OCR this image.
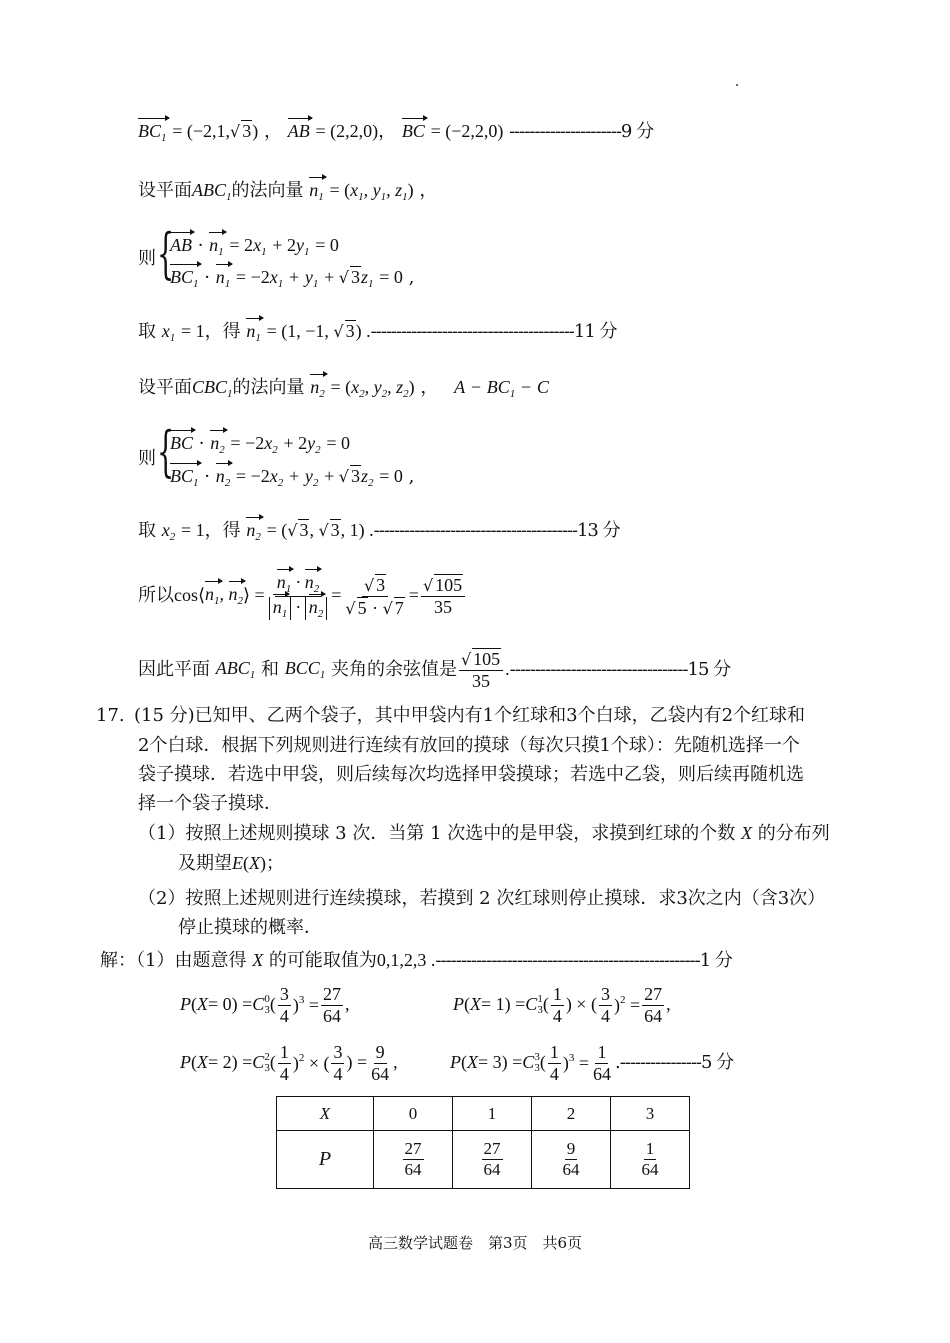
$BC_1 = (-2,1,√$ 3) ， AB = (2,2,0)， BC = (−2,2,0) ----------------------9 分
设平面$ABC_1$的法向量 $n_1 = (x_1$, $y_1$, $z_1$) ，
则 {
AB · $n_1 = 2x_1 + 2y_1 = 0$
$BC_1 \cdot n_1 = -2x_1 + y_1$ + √ $3z_1 = 0$ ,
取 $x_1 = 1$，得 $n_1 = (1$, −1, √ 3) .----------------------------------------11 分
设平面$CBC_1$的法向量 $n_2 = (x_2$, $y_2$, $z_2$) ， $A - BC_1 - C$
则 {
BC · $n_2 = -2x_2 + 2y_2 = 0$
$BC_1 \cdot n_2 = -2x_2 + y_2$ + √ $3z_2 = 0$ ,
取 $x_2 = 1$，得 $n_2$ = (√ 3, √ 3, 1) .----------------------------------------13 分
所以 cos⟨ $n_1$, $n_2$ ⟩ = $\frac{n_1 \cdot n_2}{n_1 \cdot n_2} = \frac{√ 3}{√ 5 \cdot √ 7} = \frac{√ 105}{35}$
因此平面
$ABC_1$
和
$BCC_1$
夹角的余弦值是 $\frac{√ 105}{35}$ . -----------------------------------15 分
17. (15 分)已知甲、乙两个袋子，其中甲袋内有1个红球和3个白球，乙袋内有2个红球和
2个白球．根据下列规则进行连续有放回的摸球（每次只摸1个球）：先随机选择一个
袋子摸球．若选中甲袋，则后续每次均选择甲袋摸球；若选中乙袋，则后续再随机选
择一个袋子摸球．
（1）按照上述规则摸球 3 次．当第 1 次选中的是甲袋，求摸到红球的个数 X 的分布列
及期望E(X)；
（2）按照上述规则进行连续摸球，若摸到 2 次红球则停止摸球．求3次之内（含3次）
停止摸球的概率．
解：（1）由题意得 X 的可能取值为0,1,2,3 .----------------------------------------------------1 分
P ( X = 0) = C 0
3 ( $\frac{3}{4} )^3 = \frac{27}{64}$ ,	P ( X = 1) = C 1
3 ( $\frac{1}{4}$ ) × ( $\frac{3}{4} )^2 = \frac{27}{64}$ ,
P ( X = 2) = C 2
3 ( $\frac{1}{4} )^2$ × ( $\frac{3}{4}$ ) = $\frac{9}{64}$ ,	P ( X = 3) = C 3
3 ( $\frac{1}{4} )^3 = \frac{1}{64} .----------------5$ 分
X	0	1	2	3
P	$\frac{27}{64}$	$\frac{27}{64}$	$\frac{9}{64}$	$\frac{1}{64}$
高三数学试题卷　第3页　共6页
